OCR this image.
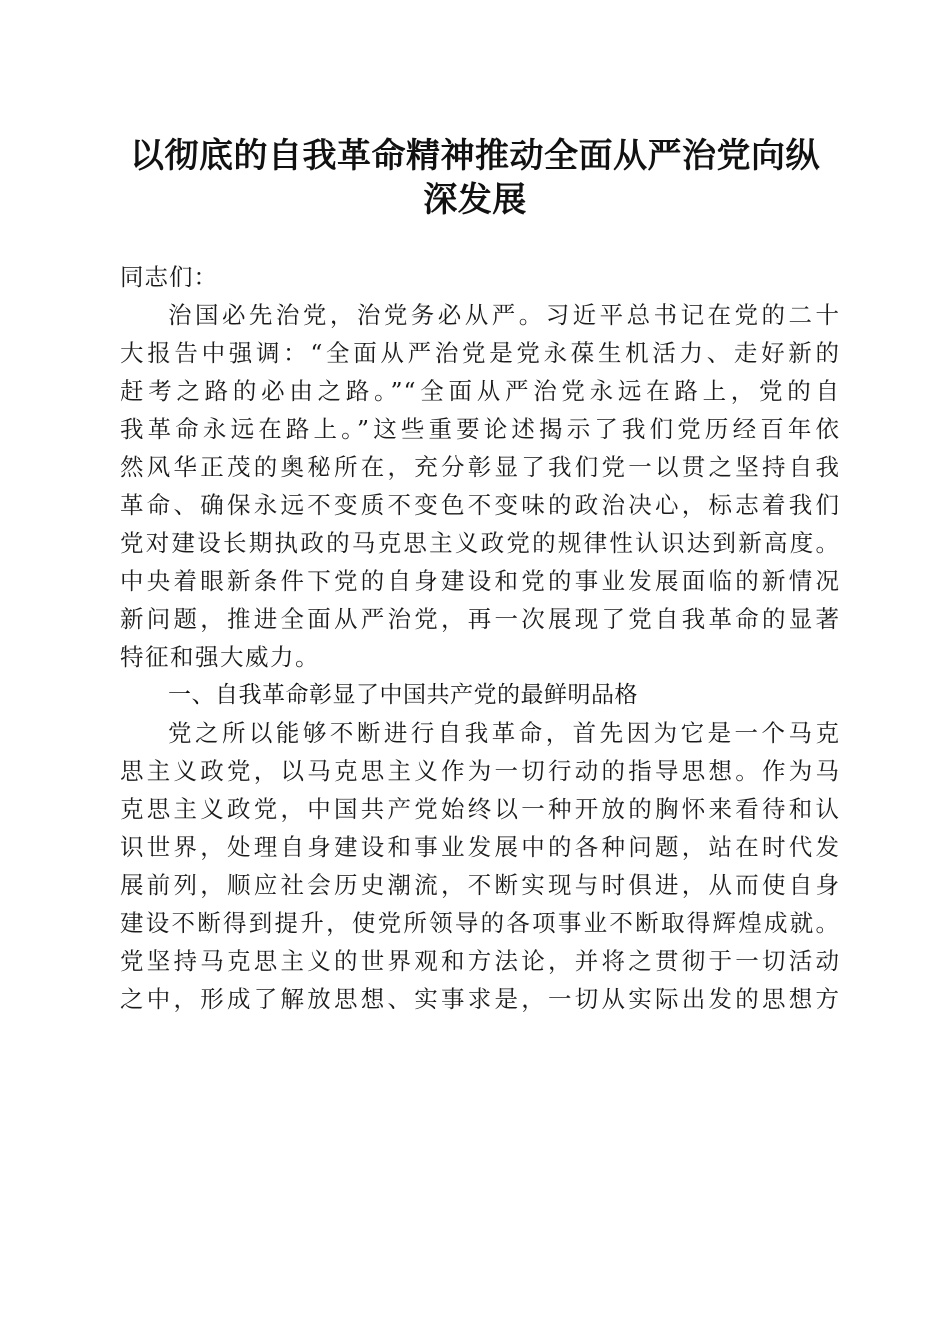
以彻底的自我革命精神推动全面从严治党向纵
深发展
同志们：
治国必先治党，治党务必从严。习近平总书记在党的二十
大报告中强调：“全面从严治党是党永葆生机活力、走好新的
赶考之路的必由之路。”“全面从严治党永远在路上，党的自
我革命永远在路上。”这些重要论述揭示了我们党历经百年依
然风华正茂的奥秘所在，充分彰显了我们党一以贯之坚持自我
革命、确保永远不变质不变色不变味的政治决心，标志着我们
党对建设长期执政的马克思主义政党的规律性认识达到新高度。
中央着眼新条件下党的自身建设和党的事业发展面临的新情况
新问题，推进全面从严治党，再一次展现了党自我革命的显著
特征和强大威力。
一、自我革命彰显了中国共产党的最鲜明品格
党之所以能够不断进行自我革命，首先因为它是一个马克
思主义政党，以马克思主义作为一切行动的指导思想。作为马
克思主义政党，中国共产党始终以一种开放的胸怀来看待和认
识世界，处理自身建设和事业发展中的各种问题，站在时代发
展前列，顺应社会历史潮流，不断实现与时俱进，从而使自身
建设不断得到提升，使党所领导的各项事业不断取得辉煌成就。
党坚持马克思主义的世界观和方法论，并将之贯彻于一切活动
之中，形成了解放思想、实事求是，一切从实际出发的思想方
